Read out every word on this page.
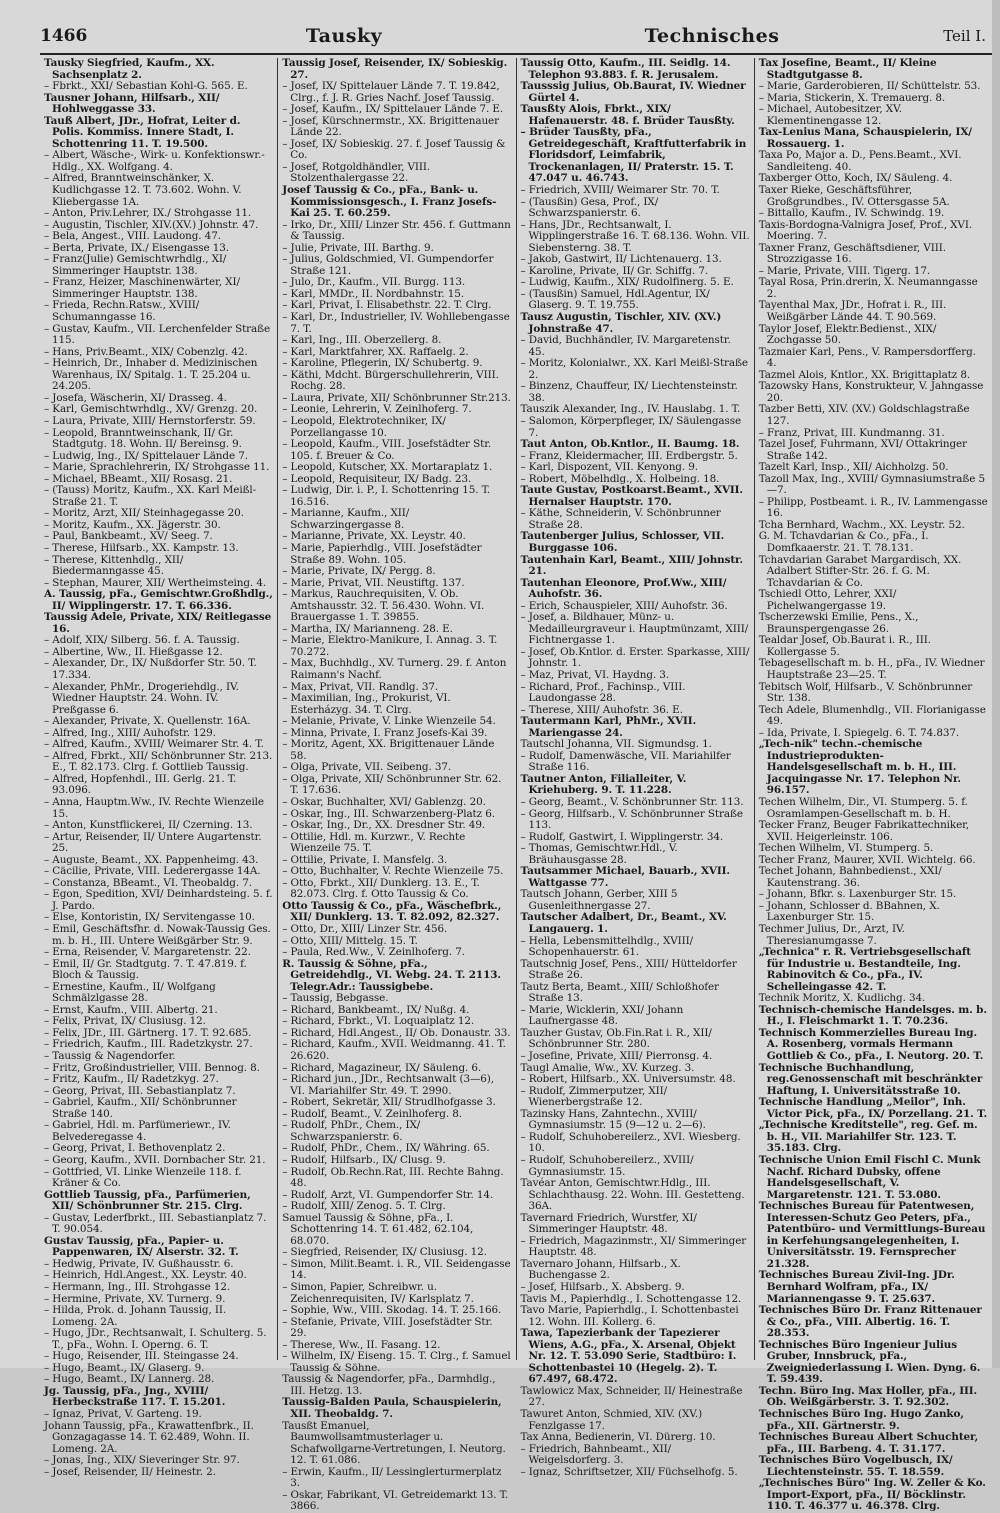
1466	Tausky	Technisches	Teil I.

Tausky Siegfried, Kaufm., XX. Sachsenplatz 2.

– Fbrkt., XXI/ Sebastian Kohl-G. 565. E.

Tausner Johann, Hilfsarb., XII/ Hohlweggasse 33.

Tauß Albert, JDr., Hofrat, Leiter d. Polis. Kommiss. Innere Stadt, I. Schottenring 11. T. 19.500.

– Albert, Wäsche-, Wirk- u. Konfektionswr.-Hdlg., XX. Wolfgang. 4.

– Alfred, Branntweinschänker, X. Kudlichgasse 12. T. 73.602. Wohn. V. Kliebergasse 1A.

– Anton, Priv.Lehrer, IX./ Strohgasse 11.

– Augustin, Tischler, XIV.(XV.) Johnstr. 47.

– Bela, Angest., VIII. Laudong. 47.

– Berta, Private, IX./ Eisengasse 13.

– Franz(Julie) Gemischtwrhdlg., XI/ Simmeringer Hauptstr. 138.

– Franz, Heizer, Maschinenwärter, XI/ Simmeringer Hauptstr. 138.

– Frieda, Rechn.Ratsw., XVIII/ Schumanngasse 16.

– Gustav, Kaufm., VII. Lerchenfelder Straße 115.

– Hans, Priv.Beamt., XIX/ Cobenzlg. 42.

– Heinrich, Dr., Inhaber d. Medizinischen Warenhaus, IX/ Spitalg. 1. T. 25.204 u. 24.205.

– Josefa, Wäscherin, XI/ Drasseg. 4.

– Karl, Gemischtwrhdlg., XV/ Grenzg. 20.

– Laura, Private, XIII/ Hernstorferstr. 59.

– Leopold, Branntweinschank, II/ Gr. Stadtgutg. 18. Wohn. II/ Bereinsg. 9.

– Ludwig, Ing., IX/ Spittelauer Lände 7.

– Marie, Sprachlehrerin, IX/ Strohgasse 11.

– Michael, BBeamt., XII/ Rosasg. 21.

– (Tauss) Moritz, Kaufm., XX. Karl Meißl-Straße 21. T.

– Moritz, Arzt, XII/ Steinhagegasse 20.

– Moritz, Kaufm., XX. Jägerstr. 30.

– Paul, Bankbeamt., XV/ Seeg. 7.

– Therese, Hilfsarb., XX. Kampstr. 13.

– Therese, Kittenhdlg., XII/ Biedermanngasse 45.

– Stephan, Maurer, XII/ Wertheimsteing. 4.

A. Taussig, pFa., Gemischtwr.Großhdlg., II/ Wipplingerstr. 17. T. 66.336.

Taussig Adele, Private, XIX/ Reitlegasse 16.

– Adolf, XIX/ Silberg. 56. f. A. Taussig.

– Albertine, Ww., II. Hießgasse 12.

– Alexander, Dr., IX/ Nußdorfer Str. 50. T. 17.334.

– Alexander, PhMr., Drogeriehdlg., IV. Wiedner Hauptstr. 24. Wohn. IV. Preßgasse 6.

– Alexander, Private, X. Quellenstr. 16A.

– Alfred, Ing., XIII/ Auhofstr. 129.

– Alfred, Kaufm., XVIII/ Weimarer Str. 4. T.

– Alfred, Fbrkt., XII/ Schönbrunner Str. 213. E., T. 82.173. Clrg. f. Gottlieb Taussig.

– Alfred, Hopfenhdl., III. Gerlg. 21. T. 93.096.

– Anna, Hauptm.Ww., IV. Rechte Wienzeile 15.

– Anton, Kunstflickerei, II/ Czerning. 13.

– Artur, Reisender, II/ Untere Augartenstr. 25.

– Auguste, Beamt., XX. Pappenheimg. 43.

– Cäcilie, Private, VIII. Lederergasse 14A.

– Constanza, BBeamt., VI. Theobaldg. 7.

– Egon, Spedition, XVI/ Deinhardsteing. 5. f. J. Pardo.

– Else, Kontoristin, IX/ Servitengasse 10.

– Emil, Geschäftsfhr. d. Nowak-Taussig Ges. m. b. H., III. Untere Weißgärber Str. 9.

– Erna, Reisender, V. Margaretenstr. 22.

– Emil, II/ Gr. Stadtgutg. 7. T. 47.819. f. Bloch & Taussig.

– Ernestine, Kaufm., II/ Wolfgang Schmälzlgasse 28.

– Ernst, Kaufm., VIII. Albertg. 21.

– Felix, Privat, IX/ Clusiusg. 12.

– Felix, JDr., III. Gärtnerg. 17. T. 92.685.

– Friedrich, Kaufm., III. Radetzkystr. 27.

– Taussig & Nagendorfer.

– Fritz, Großindustrieller, VIII. Bennog. 8.

– Fritz, Kaufm., II/ Radetzkyg. 27.

– Georg, Privat, III. Sebastianplatz 7.

– Gabriel, Kaufm., XII/ Schönbrunner Straße 140.

– Gabriel, Hdl. m. Parfümeriewr., IV. Belvederegasse 4.

– Georg, Privat, I. Bethovenplatz 2.

– Georg, Kaufm., XVII. Dornbacher Str. 21.

– Gottfried, VI. Linke Wienzeile 118. f. Kräner & Co.

Gottlieb Taussig, pFa., Parfümerien, XII/ Schönbrunner Str. 215. Clrg.

– Gustav, Lederfbrkt., III. Sebastianplatz 7. T. 90.054.

Gustav Taussig, pFa., Papier- u. Pappenwaren, IX/ Alserstr. 32. T.

– Hedwig, Private, IV. Gußhausstr. 6.

– Heinrich, Hdl.Angest., XX. Leystr. 40.

– Hermann, Ing., III. Strohgasse 12.

– Hermine, Private, XV. Turnerg. 9.

– Hilda, Prok. d. Johann Taussig, II. Lomeng. 2A.

– Hugo, JDr., Rechtsanwalt, I. Schulterg. 5. T., pFa., Wohn. I. Operng. 6. T.

– Hugo, Reisender, III. Steingasse 24.

– Hugo, Beamt., IX/ Glaserg. 9.

– Hugo, Beamt., IX/ Lannerg. 28.

Jg. Taussig, pFa., Jng., XVIII/ Herbeckstraße 117. T. 15.201.

– Ignaz, Privat, V. Garteng. 19.

Johann Taussig, pFa., Krawattenfbrk., II. Gonzagagasse 14. T. 62.489, Wohn. II. Lomeng. 2A.

– Jonas, Ing., XIX/ Sieveringer Str. 97.

– Josef, Reisender, II/ Heinestr. 2.

Taussig Josef, Reisender, IX/ Sobieskig. 27.

– Josef, IX/ Spittelauer Lände 7. T. 19.842, Clrg., f. J. R. Gries Nachf. Josef Taussig.

– Josef, Kaufm., IX/ Spittelauer Lände 7. E.

– Josef, Kürschnermstr., XX. Brigittenauer Lände 22.

– Josef, IX/ Sobieskig. 27. f. Josef Taussig & Co.

– Josef, Rotgoldhändler, VIII. Stolzenthalergasse 22.

Josef Taussig & Co., pFa., Bank- u. Kommissionsgesch., I. Franz Josefs-Kai 25. T. 60.259.

– Irko, Dr., XIII/ Linzer Str. 456. f. Guttmann & Taussig.

– Julie, Private, III. Barthg. 9.

– Julius, Goldschmied, VI. Gumpendorfer Straße 121.

– Julo, Dr., Kaufm., VII. Burgg. 113.

– Karl, MMDr., II. Nordbahnstr. 15.

– Karl, Privat, I. Elisabethstr. 22. T. Clrg.

– Karl, Dr., Industrieller, IV. Wohllebengasse 7. T.

– Karl, Ing., III. Oberzellerg. 8.

– Karl, Marktfahrer, XX. Raffaelg. 2.

– Karoline, Pflegerin, IX/ Schubertg. 9.

– Käthi, Mdcht. Bürgerschullehrerin, VIII. Rochg. 28.

– Laura, Private, XII/ Schönbrunner Str.213.

– Leonie, Lehrerin, V. Zeinlhoferg. 7.

– Leopold, Elektrotechniker, IX/ Porzellangasse 10.

– Leopold, Kaufm., VIII. Josefstädter Str. 105. f. Breuer & Co.

– Leopold, Kutscher, XX. Mortaraplatz 1.

– Leopold, Requisiteur, IX/ Badg. 23.

– Ludwig, Dir. i. P., I. Schottenring 15. T. 16.516.

– Marianne, Kaufm., XII/ Schwarzingergasse 8.

– Marianne, Private, XX. Leystr. 40.

– Marie, Papierhdlg., VIII. Josefstädter Straße 89. Wohn. 105.

– Marie, Private, IX/ Pergg. 8.

– Marie, Privat, VII. Neustiftg. 137.

– Markus, Rauchrequisiten, V. Ob. Amtshausstr. 32. T. 56.430. Wohn. VI. Brauergasse 1. T. 39855.

– Martha, IX/ Marianneng. 28. E.

– Marie, Elektro-Manikure, I. Annag. 3. T. 70.272.

– Max, Buchhdlg., XV. Turnerg. 29. f. Anton Raimann's Nachf.

– Max, Privat, VII. Randlg. 37.

– Maximilian, Ing., Prokurist, VI. Esterházyg. 34. T. Clrg.

– Melanie, Private, V. Linke Wienzeile 54.

– Minna, Private, I. Franz Josefs-Kai 39.

– Moritz, Agent, XX. Brigittenauer Lände 58.

– Olga, Private, VII. Seibeng. 37.

– Olga, Private, XII/ Schönbrunner Str. 62. T. 17.636.

– Oskar, Buchhalter, XVI/ Gablenzg. 20.

– Oskar, Ing., III. Schwarzenberg-Platz 6.

– Oskar, Ing., Dr., XX. Dresdner Str. 49.

– Ottilie, Hdl. m. Kurzwr., V. Rechte Wienzeile 75. T.

– Ottilie, Private, I. Mansfelg. 3.

– Otto, Buchhalter, V. Rechte Wienzeile 75.

– Otto, Fbrkt., XII/ Dunklerg. 13. E., T. 82.073. Clrg. f. Otto Taussig & Co.

Otto Taussig & Co., pFa., Wäschefbrk., XII/ Dunklerg. 13. T. 82.092, 82.327.

– Otto, Dr., XIII/ Linzer Str. 456.

– Otto, XIII/ Mittelg. 15. T.

– Paula, Red.Ww., V. Zeinlhoferg. 7.

R. Taussig & Söhne, pFa., Getreidehdlg., VI. Webg. 24. T. 2113. Telegr.Adr.: Taussigbebe.

– Taussig, Bebgasse.

– Richard, Bankbeamt., IX/ Nußg. 4.

– Richard, Fbrkt., VI. Loquaiplatz 12.

– Richard, Hdl.Angest., II/ Ob. Donaustr. 33.

– Richard, Kaufm., XVII. Weidmanng. 41. T. 26.620.

– Richard, Magazineur, IX/ Säuleng. 6.

– Richard jun., JDr., Rechtsanwalt (3—6), VI. Mariahilfer Str. 49. T. 2990.

– Robert, Sekretär, XII/ Strudlhofgasse 3.

– Rudolf, Beamt., V. Zeinlhoferg. 8.

– Rudolf, PhDr., Chem., IX/ Schwarzspanierstr. 6.

– Rudolf, PhDr., Chem., IX/ Währing. 65.

– Rudolf, Hilfsarb., IX/ Clusg. 9.

– Rudolf, Ob.Rechn.Rat, III. Rechte Bahng. 48.

– Rudolf, Arzt, VI. Gumpendorfer Str. 14.

– Rudolf, XIII/ Zenog. 5. T. Clrg.

Samuel Taussig & Söhne, pFa., I. Schottenring 14. T. 61.482, 62.104, 68.070.

– Siegfried, Reisender, IX/ Clusiusg. 12.

– Simon, Milit.Beamt. i. R., VII. Seidengasse 14.

– Simon, Papier, Schreibwr. u. Zeichenrequisiten, IV/ Karlsplatz 7.

– Sophie, Ww., VIII. Skodag. 14. T. 25.166.

– Stefanie, Private, VIII. Josefstädter Str. 29.

– Therese, Ww., II. Fasang. 12.

– Wilhelm, IX/ Eiseng. 15. T. Clrg., f. Samuel Taussig & Söhne.

Taussig & Nagendorfer, pFa., Darmhdlg., III. Hetzg. 13.

Taussig-Balden Paula, Schauspielerin, XII. Theobaldg. 7.

Tausßt Emanuel, Baumwollsamtmusterlager u. Schafwollgarne-Vertretungen, I. Neutorg. 12. T. 61.086.

– Erwin, Kaufm., II/ Lessinglerturmerplatz 3.

– Oskar, Fabrikant, VI. Getreidemarkt 13. T. 3866.

Taussig Otto, Kaufm., III. Seidlg. 14. Telephon 93.883. f. R. Jerusalem.

Tausssig Julius, Ob.Baurat, IV. Wiedner Gürtel 4.

Tausßty Alois, Fbrkt., XIX/ Hafenauerstr. 48. f. Brüder Tausßty.

– Brüder Tausßty, pFa., Getreidegeschäft, Kraftfutterfabrik in Floridsdorf, Leimfabrik, Trockenanlagen, II/ Praterstr. 15. T. 47.047 u. 46.743.

– Friedrich, XVIII/ Weimarer Str. 70. T.

– (Tausßin) Gesa, Prof., IX/ Schwarzspanierstr. 6.

– Hans, JDr., Rechtsanwalt, I. Wipplingerstraße 16. T. 68.136. Wohn. VII. Siebensterng. 38. T.

– Jakob, Gastwirt, II/ Lichtenauerg. 13.

– Karoline, Private, II/ Gr. Schiffg. 7.

– Ludwig, Kaufm., XIX/ Rudolfinerg. 5. E.

– (Tausßin) Samuel, Hdl.Agentur, IX/ Glaserg. 9. T. 19.755.

Tausz Augustin, Tischler, XIV. (XV.) Johnstraße 47.

– David, Buchhändler, IV. Margaretenstr. 45.

– Moritz, Kolonialwr., XX. Karl Meißl-Straße 2.

– Binzenz, Chauffeur, IX/ Liechtensteinstr. 38.

Tauszik Alexander, Ing., IV. Hauslabg. 1. T.

– Salomon, Körperpfleger, IX/ Säulengasse 7.

Taut Anton, Ob.Kntlor., II. Baumg. 18.

– Franz, Kleidermacher, III. Erdbergstr. 5.

– Karl, Dispozent, VII. Kenyong. 9.

– Robert, Möbelhdlg., X. Holbeing. 18.

Taute Gustav, Postkoarst.Beamt., XVII. Hernalser Hauptstr. 170.

– Käthe, Schneiderin, V. Schönbrunner Straße 28.

Tautenberger Julius, Schlosser, VII. Burggasse 106.

Tautenhain Karl, Beamt., XIII/ Johnstr. 21.

Tautenhan Eleonore, Prof.Ww., XIII/ Auhofstr. 36.

– Erich, Schauspieler, XIII/ Auhofstr. 36.

– Josef, a. Bildhauer, Münz- u. Medailleurgraveur i. Hauptmünzamt, XIII/ Fichtnergasse 1.

– Josef, Ob.Kntlor. d. Erster. Sparkasse, XIII/ Johnstr. 1.

– Maz, Privat, VI. Haydng. 3.

– Richard, Prof., Fachinsp., VIII. Laudongasse 28.

– Therese, XIII/ Auhofstr. 36. E.

Tautermann Karl, PhMr., XVII. Mariengasse 24.

Tautschl Johanna, VII. Sigmundsg. 1.

– Rudolf, Damenwäsche, VII. Mariahilfer Straße 116.

Tautner Anton, Filialleiter, V. Kriehuberg. 9. T. 11.228.

– Georg, Beamt., V. Schönbrunner Str. 113.

– Georg, Hilfsarb., V. Schönbrunner Straße 113.

– Rudolf, Gastwirt, I. Wipplingerstr. 34.

– Thomas, Gemischtwr.Hdl., V. Bräuhausgasse 28.

Tautsammer Michael, Bauarb., XVII. Wattgasse 77.

Tautsch Johann, Gerber, XIII 5 Gusenleithnergasse 27.

Tautscher Adalbert, Dr., Beamt., XV. Langauerg. 1.

– Hella, Lebensmittelhdlg., XVIII/ Schopenhauerstr. 61.

Tautschnig Josef, Pens., XIII/ Hütteldorfer Straße 26.

Tautz Berta, Beamt., XIII/ Schloßhofer Straße 13.

– Marie, Wicklerin, XXI/ Johann Laufnergasse 48.

Tauzher Gustav, Ob.Fin.Rat i. R., XII/ Schönbrunner Str. 280.

– Josefine, Private, XIII/ Pierronsg. 4.

Taugl Amalie, Ww., XV. Kurzeg. 3.

– Robert, Hilfsarb., XX. Universumstr. 48.

– Rudolf, Zimmerputzer, XII/ Wienerbergstraße 12.

Tazinsky Hans, Zahntechn., XVIII/ Gymnasiumstr. 15 (9—12 u. 2—6).

– Rudolf, Schuhobereilerz., XVI. Wiesberg. 10.

– Rudolf, Schuhobereilerz., XVIII/ Gymnasiumstr. 15.

Tavéar Anton, Gemischtwr.Hdlg., III. Schlachthausg. 22. Wohn. III. Gestetteng. 36A.

Tavernard Friedrich, Wurstfer, XI/ Simmeringer Hauptstr. 48.

– Friedrich, Magazinmstr., XI/ Simmeringer Hauptstr. 48.

Tavernaro Johann, Hilfsarb., X. Buchengasse 2.

– Josef, Hilfsarb., X. Absberg. 9.

Tavis M., Papierhdlg., I. Schottengasse 12.

Tavo Marie, Papierhdlg., I. Schottenbastei 12. Wohn. III. Kollerg. 6.

Tawa, Tapezierbank der Tapezierer Wiens, A.G., pFa., X. Arsenal, Objekt Nr. 12. T. 53.090 Serie, Stadtbüro: I. Schottenbastei 10 (Hegelg. 2). T. 67.497, 68.472.

Tawlowicz Max, Schneider, II/ Heinestraße 27.

Tawuret Anton, Schmied, XIV. (XV.) Fenzlgasse 17.

Tax Anna, Bedienerin, VI. Dürerg. 10.

– Friedrich, Bahnbeamt., XII/ Weigelsdorferg. 3.

– Ignaz, Schriftsetzer, XII/ Füchselhofg. 5.

Tax Josefine, Beamt., II/ Kleine Stadtgutgasse 8.

– Marie, Garderobieren, II/ Schüttelstr. 53.

– Maria, Stickerin, X. Tremauerg. 8.

– Michael, Autobesitzer, XV. Klementinengasse 12.

Tax-Lenius Mana, Schauspielerin, IX/ Rossauerg. 1.

Taxa Po, Major a. D., Pens.Beamt., XVI. Sandleiteng. 40.

Taxberger Otto, Koch, IX/ Säuleng. 4.

Taxer Rieke, Geschäftsführer, Großgrundbes., IV. Ottersgasse 5A.

– Bittallo, Kaufm., IV. Schwindg. 19.

Taxis-Bordogna-Valnigra Josef, Prof., XVI. Moering. 7.

Taxner Franz, Geschäftsdiener, VIII. Strozzigasse 16.

– Marie, Private, VIII. Tigerg. 17.

Tayal Rosa, Prin.drerin, X. Neumanngasse 2.

Tayenthal Max, JDr., Hofrat i. R., III. Weißgärber Lände 44. T. 90.569.

Taylor Josef, Elektr.Bedienst., XIX/ Zochgasse 50.

Tazmaier Karl, Pens., V. Rampersdorfferg. 4.

Tazmel Alois, Kntlor., XX. Brigittaplatz 8.

Tazowsky Hans, Konstrukteur, V. Jahngasse 20.

Tazber Betti, XIV. (XV.) Goldschlagstraße 127.

– Franz, Privat, III. Kundmanng. 31.

Tazel Josef, Fuhrmann, XVI/ Ottakringer Straße 142.

Tazelt Karl, Insp., XII/ Aichholzg. 50.

Tazoll Max, Ing., XVIII/ Gymnasiumstraße 5—7.

– Philipp, Postbeamt. i. R., IV. Lammengasse 16.

Tcha Bernhard, Wachm., XX. Leystr. 52.

G. M. Tchavdarian & Co., pFa., I. Domfkaaerstr. 21. T. 78.131.

Tchavdarian Garabet Margardisch, XX. Adalbert Stifter-Str. 26. f. G. M. Tchavdarian & Co.

Tschiedl Otto, Lehrer, XXI/ Pichelwangergasse 19.

Tscherzewski Emilie, Pens., X., Braunspergengasse 26.

Tealdar Josef, Ob.Baurat i. R., III. Kollergasse 5.

Tebagesellschaft m. b. H., pFa., IV. Wiedner Hauptstraße 23—25. T.

Tebitsch Wolf, Hilfsarb., V. Schönbrunner Str. 138.

Tech Adele, Blumenhdlg., VII. Florianigasse 49.

– Ida, Private, I. Spiegelg. 6. T. 74.837.

„Tech-nik" techn.-chemische Industrieprodukten-Handelsgesellschaft m. b. H., III. Jacquingasse Nr. 17. Telephon Nr. 96.157.

Techen Wilhelm, Dir., VI. Stumperg. 5. f. Osramlampen-Gesellschaft m. b. H.

Tecker Franz, Beuger Fabrikattechniker, XVII. Heigerleinstr. 106.

Techen Wilhelm, VI. Stumperg. 5.

Techer Franz, Maurer, XVII. Wichtelg. 66.

Techet Johann, Bahnbedienst., XXI/ Kautenstrang. 36.

– Johann, Bfkr. s. Laxenburger Str. 15.

– Johann, Schlosser d. BBahnen, X. Laxenburger Str. 15.

Techmer Julius, Dr., Arzt, IV. Theresianumgasse 7.

„Technica" r. R. Vertriebsgesellschaft für Industrie u. Bestandteile, Ing. Rabinovitch & Co., pFa., IV. Schelleingasse 42. T.

Technik Moritz, X. Kudlichg. 34.

Technisch-chemische Handelsges. m. b. H., I. Fleischmarkt 1. T. 70.236.

Technisch Kommerzielles Bureau Ing. A. Rosenberg, vormals Hermann Gottlieb & Co., pFa., I. Neutorg. 20. T.

Technische Buchhandlung, reg.Genossenschaft mit beschränkter Haftung, I. Universitätsstraße 10.

Technische Handlung „Meilor", Inh. Victor Pick, pFa., IX/ Porzellang. 21. T.

„Technische Kreditstelle", reg. Gef. m. b. H., VII. Mariahilfer Str. 123. T. 35.183. Clrg.

Technische Union Emil Fischl C. Munk Nachf. Richard Dubsky, offene Handelsgesellschaft, V. Margaretenstr. 121. T. 53.080.

Technisches Bureau für Patentwesen, Interessen-Schutz Geo Peters, pFa., Patentbüro- und Vermittlungs-Bureau in Kerfehungsangelegenheiten, I. Universitätsstr. 19. Fernsprecher 21.328.

Technisches Bureau Zivil-Ing. JDr. Bernhard Wolfram, pFa., IX/ Mariannengasse 9. T. 25.637.

Technisches Büro Dr. Franz Rittenauer & Co., pFa., VIII. Albertig. 16. T. 28.353.

Technisches Büro Ingenieur Julius Gruber, Innsbruck, pFa., Zweigniederlassung I. Wien. Dyng. 6. T. 59.439.

Techn. Büro Ing. Max Holler, pFa., III. Ob. Weißgärberstr. 3. T. 92.302.

Technisches Büro Ing. Hugo Zanko, pFa., XII. Gärtnerstr. 9.

Technisches Bureau Albert Schuchter, pFa., III. Barbeng. 4. T. 31.177.

Technisches Büro Vogelbusch, IX/ Liechtensteinstr. 55. T. 18.559.

„Technisches Büro" Ing. W. Zeller & Ko. Import-Export, pFa., II/ Böcklinstr. 110. T. 46.377 u. 46.378. Clrg.
